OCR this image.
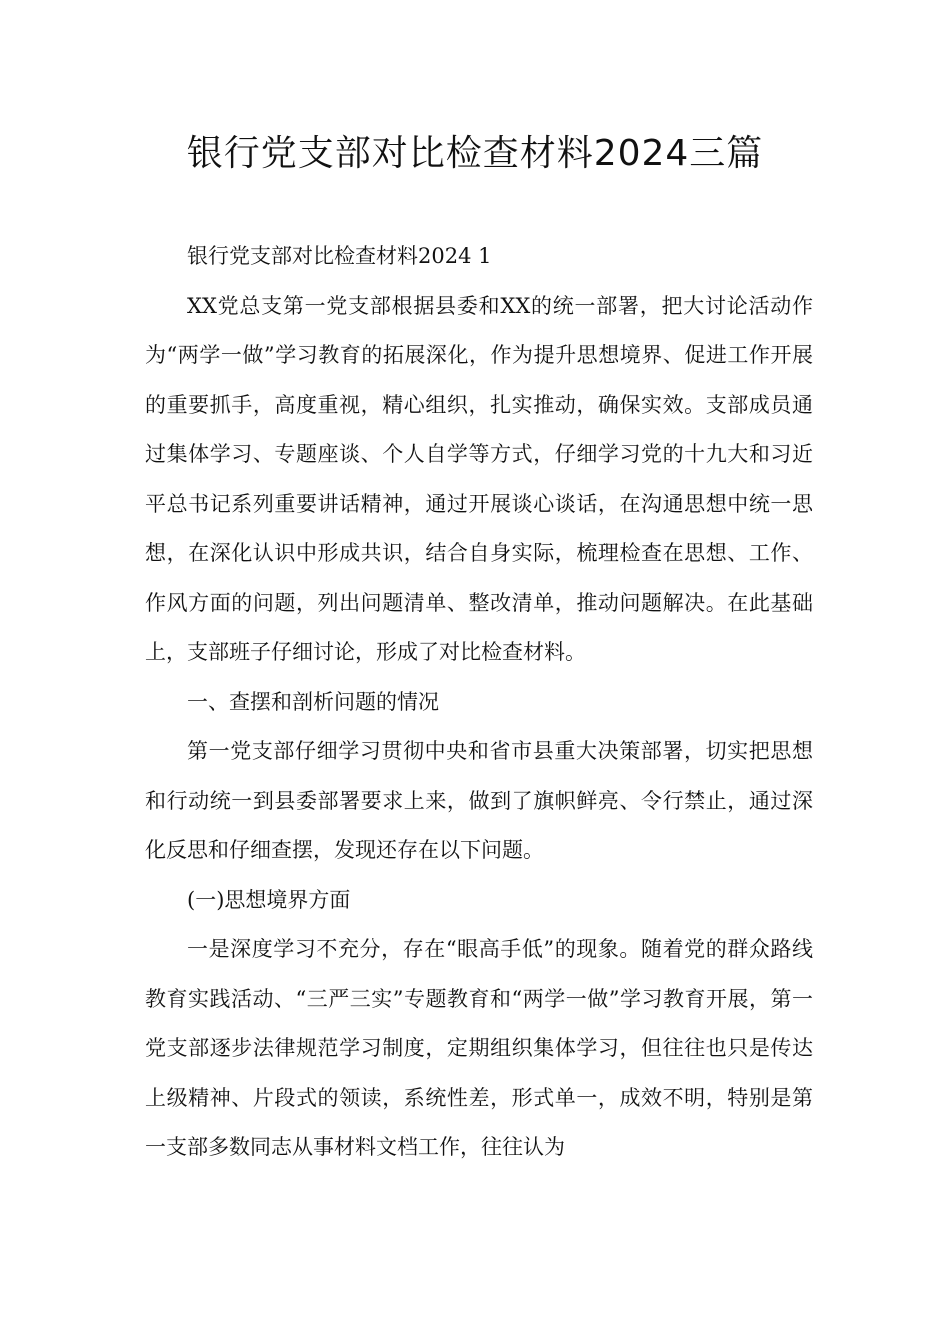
银行党支部对比检查材料2024三篇

银行党支部对比检查材料2024 1

XX党总支第一党支部根据县委和XX的统一部署，把大讨论活动作为“两学一做”学习教育的拓展深化，作为提升思想境界、促进工作开展的重要抓手，高度重视，精心组织，扎实推动，确保实效。支部成员通过集体学习、专题座谈、个人自学等方式，仔细学习党的十九大和习近平总书记系列重要讲话精神，通过开展谈心谈话，在沟通思想中统一思想，在深化认识中形成共识，结合自身实际，梳理检查在思想、工作、作风方面的问题，列出问题清单、整改清单，推动问题解决。在此基础上，支部班子仔细讨论，形成了对比检查材料。

一、查摆和剖析问题的情况

第一党支部仔细学习贯彻中央和省市县重大决策部署，切实把思想和行动统一到县委部署要求上来，做到了旗帜鲜亮、令行禁止，通过深化反思和仔细查摆，发现还存在以下问题。

(一)思想境界方面

一是深度学习不充分，存在“眼高手低”的现象。随着党的群众路线教育实践活动、“三严三实”专题教育和“两学一做”学习教育开展，第一党支部逐步法律规范学习制度，定期组织集体学习，但往往也只是传达上级精神、片段式的领读，系统性差，形式单一，成效不明，特别是第一支部多数同志从事材料文档工作，往往认为
